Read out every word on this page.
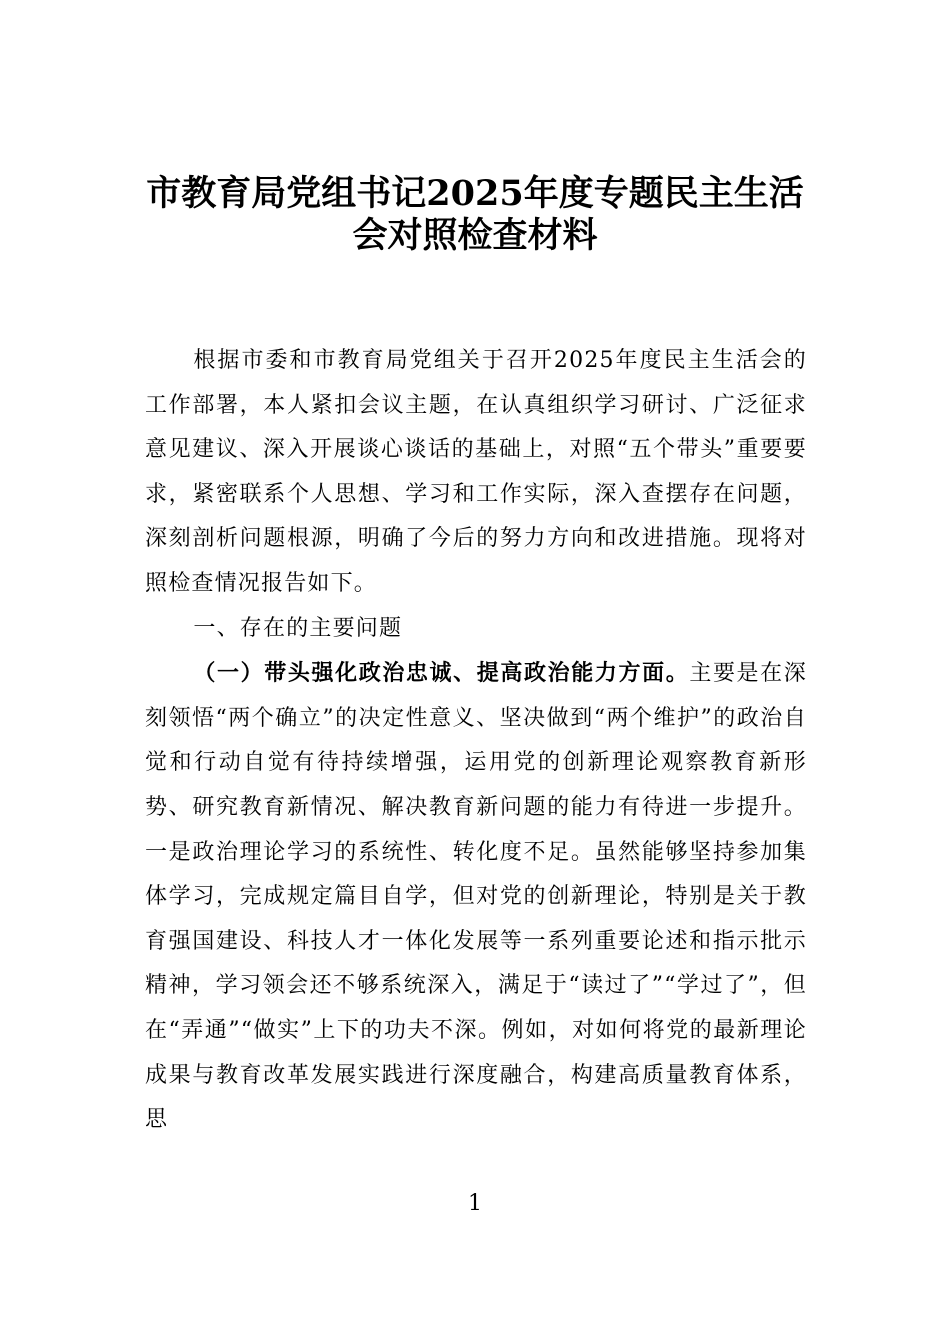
市教育局党组书记2025年度专题民主生活
会对照检查材料

根据市委和市教育局党组关于召开2025年度民主生活会的工作部署，本人紧扣会议主题，在认真组织学习研讨、广泛征求意见建议、深入开展谈心谈话的基础上，对照“五个带头”重要要求，紧密联系个人思想、学习和工作实际，深入查摆存在问题，深刻剖析问题根源，明确了今后的努力方向和改进措施。现将对照检查情况报告如下。

一、存在的主要问题

（一）带头强化政治忠诚、提高政治能力方面。主要是在深刻领悟“两个确立”的决定性意义、坚决做到“两个维护”的政治自觉和行动自觉有待持续增强，运用党的创新理论观察教育新形势、研究教育新情况、解决教育新问题的能力有待进一步提升。一是政治理论学习的系统性、转化度不足。虽然能够坚持参加集体学习，完成规定篇目自学，但对党的创新理论，特别是关于教育强国建设、科技人才一体化发展等一系列重要论述和指示批示精神，学习领会还不够系统深入，满足于“读过了”“学过了”，但在“弄通”“做实”上下的功夫不深。例如，对如何将党的最新理论成果与教育改革发展实践进行深度融合，构建高质量教育体系，思

1
